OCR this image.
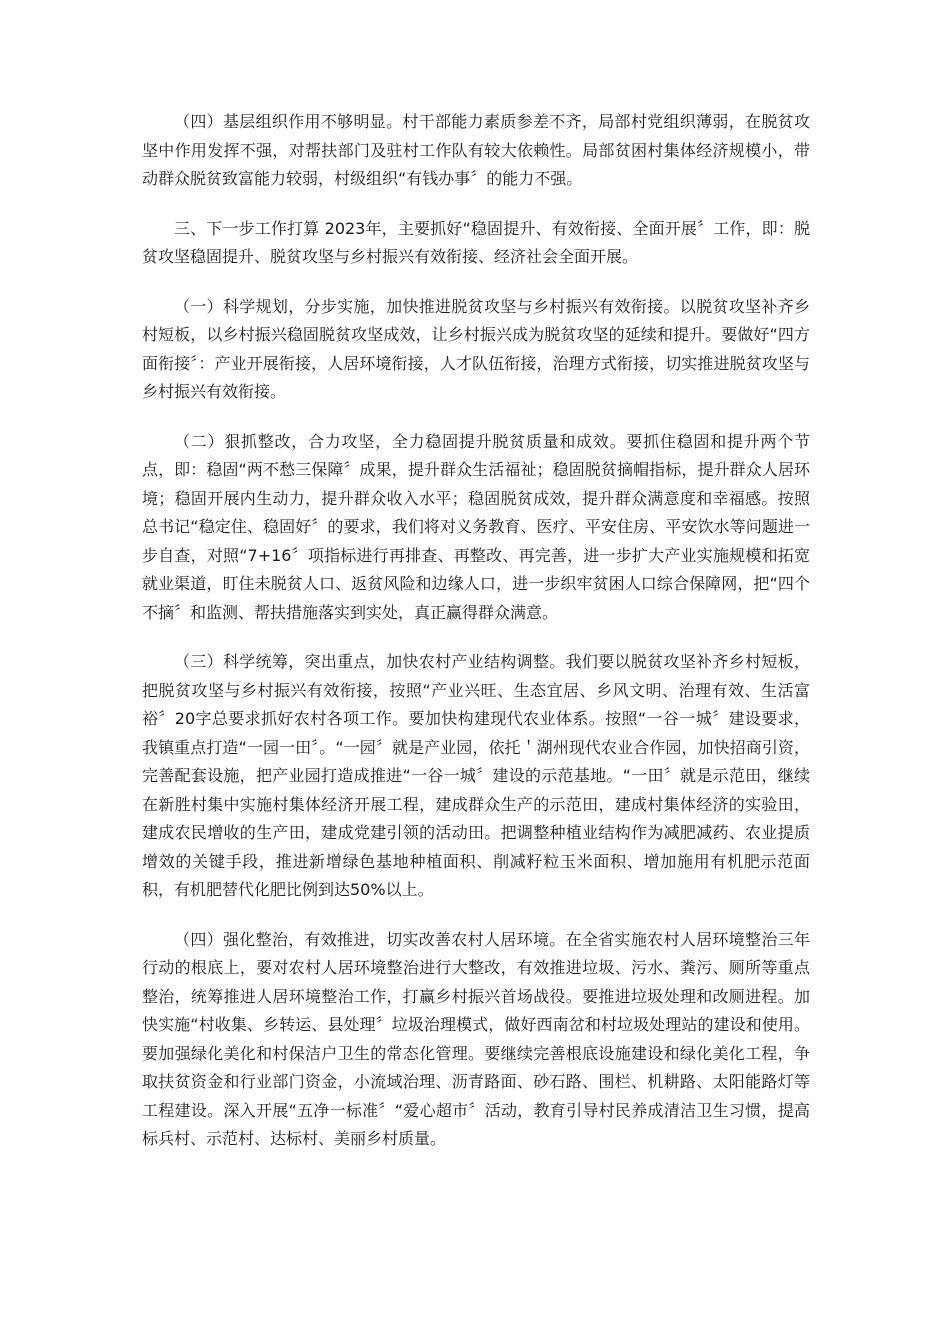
（四）基层组织作用不够明显。村干部能力素质参差不齐，局部村党组织薄弱，在脱贫攻坚中作用发挥不强，对帮扶部门及驻村工作队有较大依赖性。局部贫困村集体经济规模小，带动群众脱贫致富能力较弱，村级组织“有钱办事〞的能力不强。

三、下一步工作打算 2023年，主要抓好“稳固提升、有效衔接、全面开展〞工作，即：脱贫攻坚稳固提升、脱贫攻坚与乡村振兴有效衔接、经济社会全面开展。

（一）科学规划，分步实施，加快推进脱贫攻坚与乡村振兴有效衔接。以脱贫攻坚补齐乡村短板，以乡村振兴稳固脱贫攻坚成效，让乡村振兴成为脱贫攻坚的延续和提升。要做好“四方面衔接〞：产业开展衔接，人居环境衔接，人才队伍衔接，治理方式衔接，切实推进脱贫攻坚与乡村振兴有效衔接。

（二）狠抓整改，合力攻坚，全力稳固提升脱贫质量和成效。要抓住稳固和提升两个节点，即：稳固“两不愁三保障〞成果，提升群众生活福祉；稳固脱贫摘帽指标，提升群众人居环境；稳固开展内生动力，提升群众收入水平；稳固脱贫成效，提升群众满意度和幸福感。按照总书记“稳定住、稳固好〞的要求，我们将对义务教育、医疗、平安住房、平安饮水等问题进一步自查，对照“7+16〞项指标进行再排查、再整改、再完善，进一步扩大产业实施规模和拓宽就业渠道，盯住未脱贫人口、返贫风险和边缘人口，进一步织牢贫困人口综合保障网，把“四个不摘〞和监测、帮扶措施落实到实处，真正赢得群众满意。

（三）科学统筹，突出重点，加快农村产业结构调整。我们要以脱贫攻坚补齐乡村短板，把脱贫攻坚与乡村振兴有效衔接，按照“产业兴旺、生态宜居、乡风文明、治理有效、生活富裕〞20字总要求抓好农村各项工作。要加快构建现代农业体系。按照“一谷一城〞建设要求，我镇重点打造“一园一田〞。“一园〞就是产业园，依托＇湖州现代农业合作园，加快招商引资，完善配套设施，把产业园打造成推进“一谷一城〞建设的示范基地。“一田〞就是示范田，继续在新胜村集中实施村集体经济开展工程，建成群众生产的示范田，建成村集体经济的实验田，建成农民增收的生产田，建成党建引领的活动田。把调整种植业结构作为减肥减药、农业提质增效的关键手段，推进新增绿色基地种植面积、削减籽粒玉米面积、增加施用有机肥示范面积，有机肥替代化肥比例到达50%以上。

（四）强化整治，有效推进，切实改善农村人居环境。在全省实施农村人居环境整治三年行动的根底上，要对农村人居环境整治进行大整改，有效推进垃圾、污水、粪污、厕所等重点整治，统筹推进人居环境整治工作，打赢乡村振兴首场战役。要推进垃圾处理和改厕进程。加快实施“村收集、乡转运、县处理〞垃圾治理模式，做好西南岔和村垃圾处理站的建设和使用。要加强绿化美化和村保洁户卫生的常态化管理。要继续完善根底设施建设和绿化美化工程，争取扶贫资金和行业部门资金，小流域治理、沥青路面、砂石路、围栏、机耕路、太阳能路灯等工程建设。深入开展“五净一标准〞“爱心超市〞活动，教育引导村民养成清洁卫生习惯，提高标兵村、示范村、达标村、美丽乡村质量。
